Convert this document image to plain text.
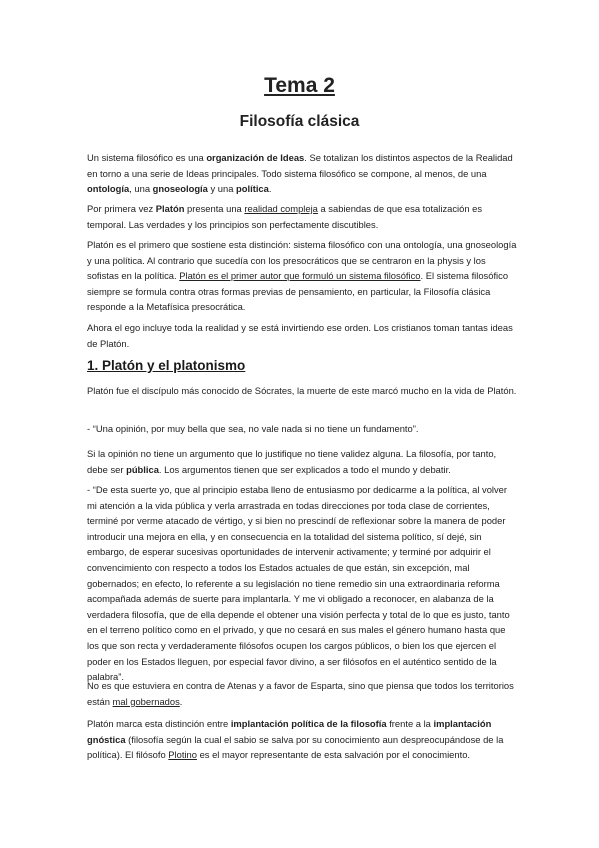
Tema 2
Filosofía clásica

Un sistema filosófico es una organización de Ideas. Se totalizan los distintos aspectos de la Realidad en torno a una serie de Ideas principales. Todo sistema filosófico se compone, al menos, de una ontología, una gnoseología y una política.

Por primera vez Platón presenta una realidad compleja a sabiendas de que esa totalización es temporal. Las verdades y los principios son perfectamente discutibles.

Platón es el primero que sostiene esta distinción: sistema filosófico con una ontología, una gnoseología y una política. Al contrario que sucedía con los presocráticos que se centraron en la physis y los sofistas en la política. Platón es el primer autor que formuló un sistema filosófico. El sistema filosófico siempre se formula contra otras formas previas de pensamiento, en particular, la Filosofía clásica responde a la Metafísica presocrática.

Ahora el ego incluye toda la realidad y se está invirtiendo ese orden. Los cristianos toman tantas ideas de Platón.

1. Platón y el platonismo

Platón fue el discípulo más conocido de Sócrates, la muerte de este marcó mucho en la vida de Platón.

- “Una opinión, por muy bella que sea, no vale nada si no tiene un fundamento”.

Si la opinión no tiene un argumento que lo justifique no tiene validez alguna. La filosofía, por tanto, debe ser pública. Los argumentos tienen que ser explicados a todo el mundo y debatir.

- “De esta suerte yo, que al principio estaba lleno de entusiasmo por dedicarme a la política, al volver mi atención a la vida pública y verla arrastrada en todas direcciones por toda clase de corrientes, terminé por verme atacado de vértigo, y si bien no prescindí de reflexionar sobre la manera de poder introducir una mejora en ella, y en consecuencia en la totalidad del sistema político, sí dejé, sin embargo, de esperar sucesivas oportunidades de intervenir activamente; y terminé por adquirir el convencimiento con respecto a todos los Estados actuales de que están, sin excepción, mal gobernados; en efecto, lo referente a su legislación no tiene remedio sin una extraordinaria reforma acompañada además de suerte para implantarla. Y me vi obligado a reconocer, en alabanza de la verdadera filosofía, que de ella depende el obtener una visión perfecta y total de lo que es justo, tanto en el terreno político como en el privado, y que no cesará en sus males el género humano hasta que los que son recta y verdaderamente filósofos ocupen los cargos públicos, o bien los que ejercen el poder en los Estados lleguen, por especial favor divino, a ser filósofos en el auténtico sentido de la palabra”.

No es que estuviera en contra de Atenas y a favor de Esparta, sino que piensa que todos los territorios están mal gobernados.

Platón marca esta distinción entre implantación política de la filosofía frente a la implantación gnóstica (filosofía según la cual el sabio se salva por su conocimiento aun despreocupándose de la política). El filósofo Plotino es el mayor representante de esta salvación por el conocimiento.
